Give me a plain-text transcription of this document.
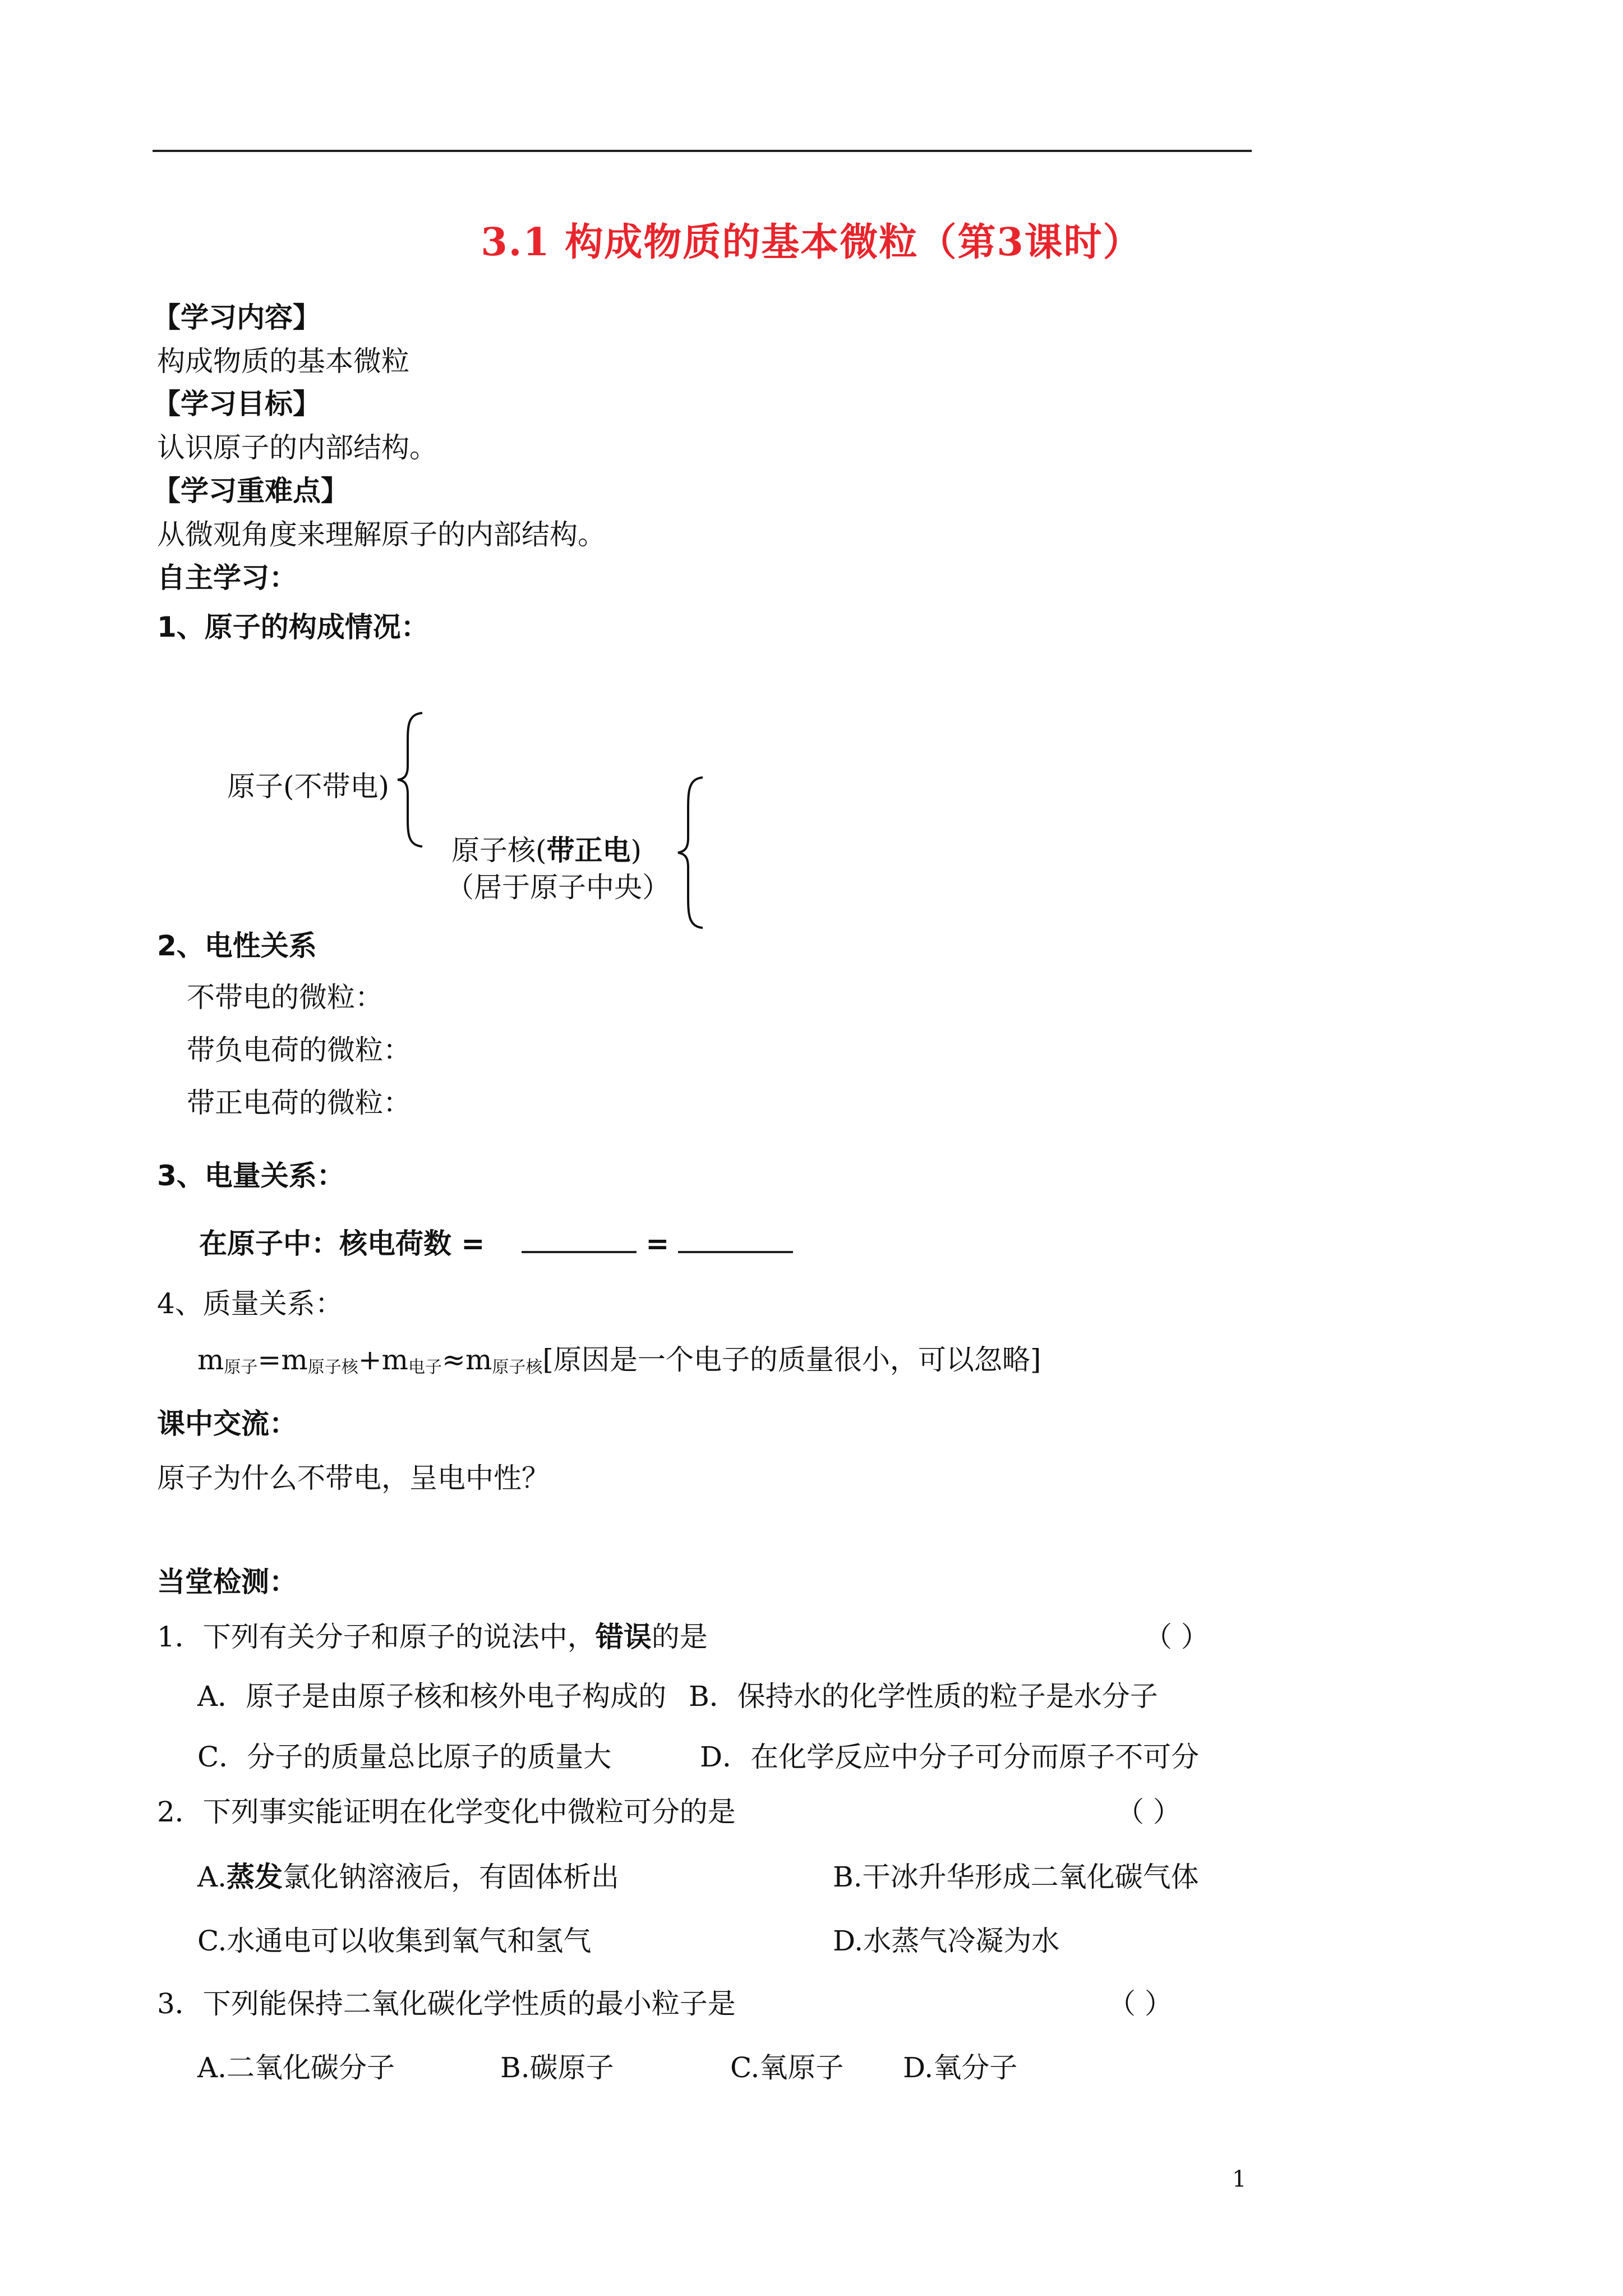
3.1 构成物质的基本微粒（第3课时）
【学习内容】
构成物质的基本微粒
【学习目标】
认识原子的内部结构。
【学习重难点】
从微观角度来理解原子的内部结构。
自主学习：
1、原子的构成情况：
原子(不带电)
原子核(带正电)
（居于原子中央）
2、电性关系
不带电的微粒：
带负电荷的微粒：
带正电荷的微粒：
3、电量关系：
在原子中：核电荷数 =	=
4、质量关系：
$m_{原子}=m_{原子核}+m_{电子}\approx m_{原子核}$[原因是一个电子的质量很小，可以忽略]
课中交流：
原子为什么不带电，呈电中性？
当堂检测：
1．下列有关分子和原子的说法中，错误的是	（ ）
A．原子是由原子核和核外电子构成的 B．保持水的化学性质的粒子是水分子
C．分子的质量总比原子的质量大	D．在化学反应中分子可分而原子不可分
2．下列事实能证明在化学变化中微粒可分的是	（ ）
A.蒸发氯化钠溶液后，有固体析出	B.干冰升华形成二氧化碳气体
C.水通电可以收集到氧气和氢气	D.水蒸气冷凝为水
3．下列能保持二氧化碳化学性质的最小粒子是	（ ）
A.二氧化碳分子	B.碳原子	C.氧原子 D.氧分子
1
